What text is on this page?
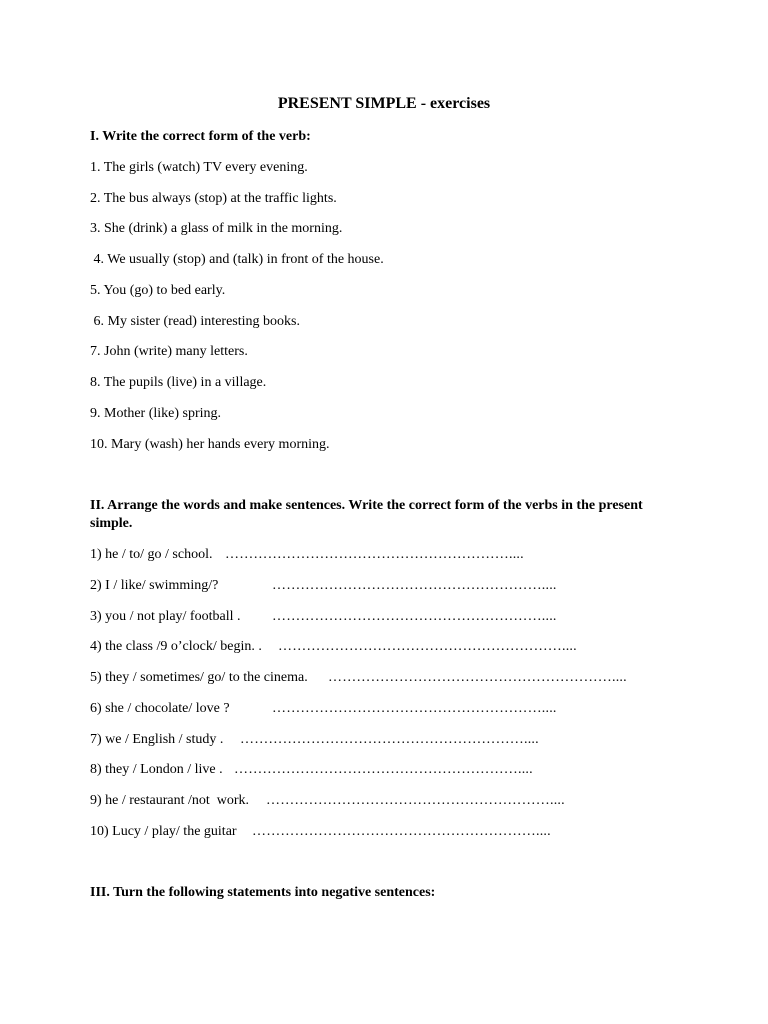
PRESENT SIMPLE - exercises
I. Write the correct form of the verb:
1. The girls (watch) TV every evening.
2. The bus always (stop) at the traffic lights.
3. She (drink) a glass of milk in the morning.
4. We usually (stop) and (talk) in front of the house.
5. You (go) to bed early.
6. My sister (read) interesting books.
7. John (write) many letters.
8. The pupils (live) in a village.
9. Mother (like) spring.
10. Mary (wash) her hands every morning.
II. Arrange the words and make sentences. Write the correct form of the verbs in the present simple.
1) he / to/ go / school. ……………………………………………………....
2) I / like/ swimming/?	…………………………………………………....
3) you / not play/ football . …………………………………………………....
4) the class /9 o’clock/ begin. . ……………………………………………………....
5) they / sometimes/ go/ to the cinema. ……………………………………………………....
6) she / chocolate/ love ?	…………………………………………………....
7) we / English / study . ……………………………………………………....
8) they / London / live . ……………………………………………………....
9) he / restaurant /not  work. ……………………………………………………....
10) Lucy / play/ the guitar ……………………………………………………....
III. Turn the following statements into negative sentences:
